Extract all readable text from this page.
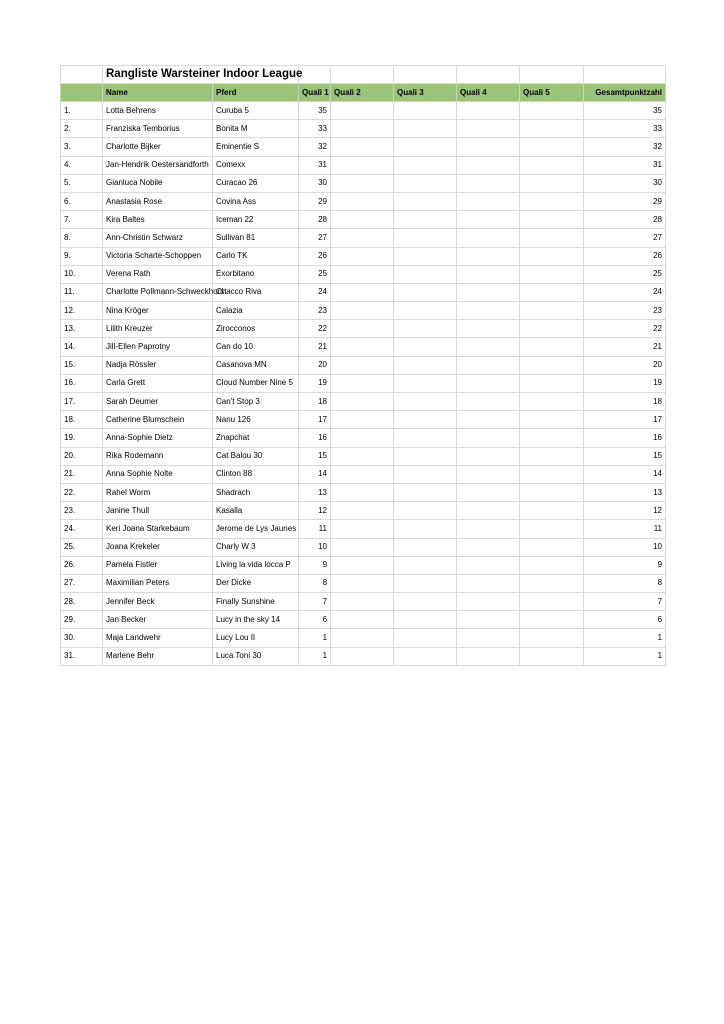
	Rangliste Warsteiner Indoor League							
	Name	Pferd	Quali 1	Quali 2	Quali 3	Quali 4	Quali 5	Gesamtpunktzahl
1.	Lotta Behrens	Curuba 5	35					35
2.	Franziska Temborius	Bonita M	33					33
3.	Charlotte Bijker	Eminentie S	32					32
4.	Jan-Hendrik Oestersandforth	Comexx	31					31
5.	Gianluca Nobile	Curacao 26	30					30
6.	Anastasia Rose	Covina Ass	29					29
7.	Kira Baltes	Iceman 22	28					28
8.	Ann-Christin Schwarz	Sullivan 81	27					27
9.	Victoria Scharte-Schoppen	Carlo TK	26					26
10.	Verena Rath	Exorbitano	25					25
11.	Charlotte Pollmann-Schweckhorst	Chacco Riva	24					24
12.	Nina Kröger	Calazia	23					23
13.	Lilith Kreuzer	Zirocconos	22					22
14.	Jill-Ellen Paprotny	Can do 10	21					21
15.	Nadja Rössler	Casanova MN	20					20
16.	Carla Grett	Cloud Number Nine 5	19					19
17.	Sarah Deumer	Can't Stop 3	18					18
18.	Catherine Blumschein	Nanu 126	17					17
19.	Anna-Sophie Dietz	Znapchat	16					16
20.	Rika Rodemann	Cat Balou 30	15					15
21.	Anna Sophie Nolte	Clinton 88	14					14
22.	Rahel Worm	Shadrach	13					13
23.	Janine Thull	Kasalla	12					12
24.	Keri Joana Starkebaum	Jerome de Lys Jaunes	11					11
25.	Joana Krekeler	Charly W 3	10					10
26.	Pamela Fistler	Living la vida locca P	9					9
27.	Maximilian Peters	Der Dicke	8					8
28.	Jennifer Beck	Finally Sunshine	7					7
29.	Jan Becker	Lucy in the sky 14	6					6
30.	Maja Landwehr	Lucy Lou II	1					1
31.	Marlene Behr	Luca Toni 30	1					1
